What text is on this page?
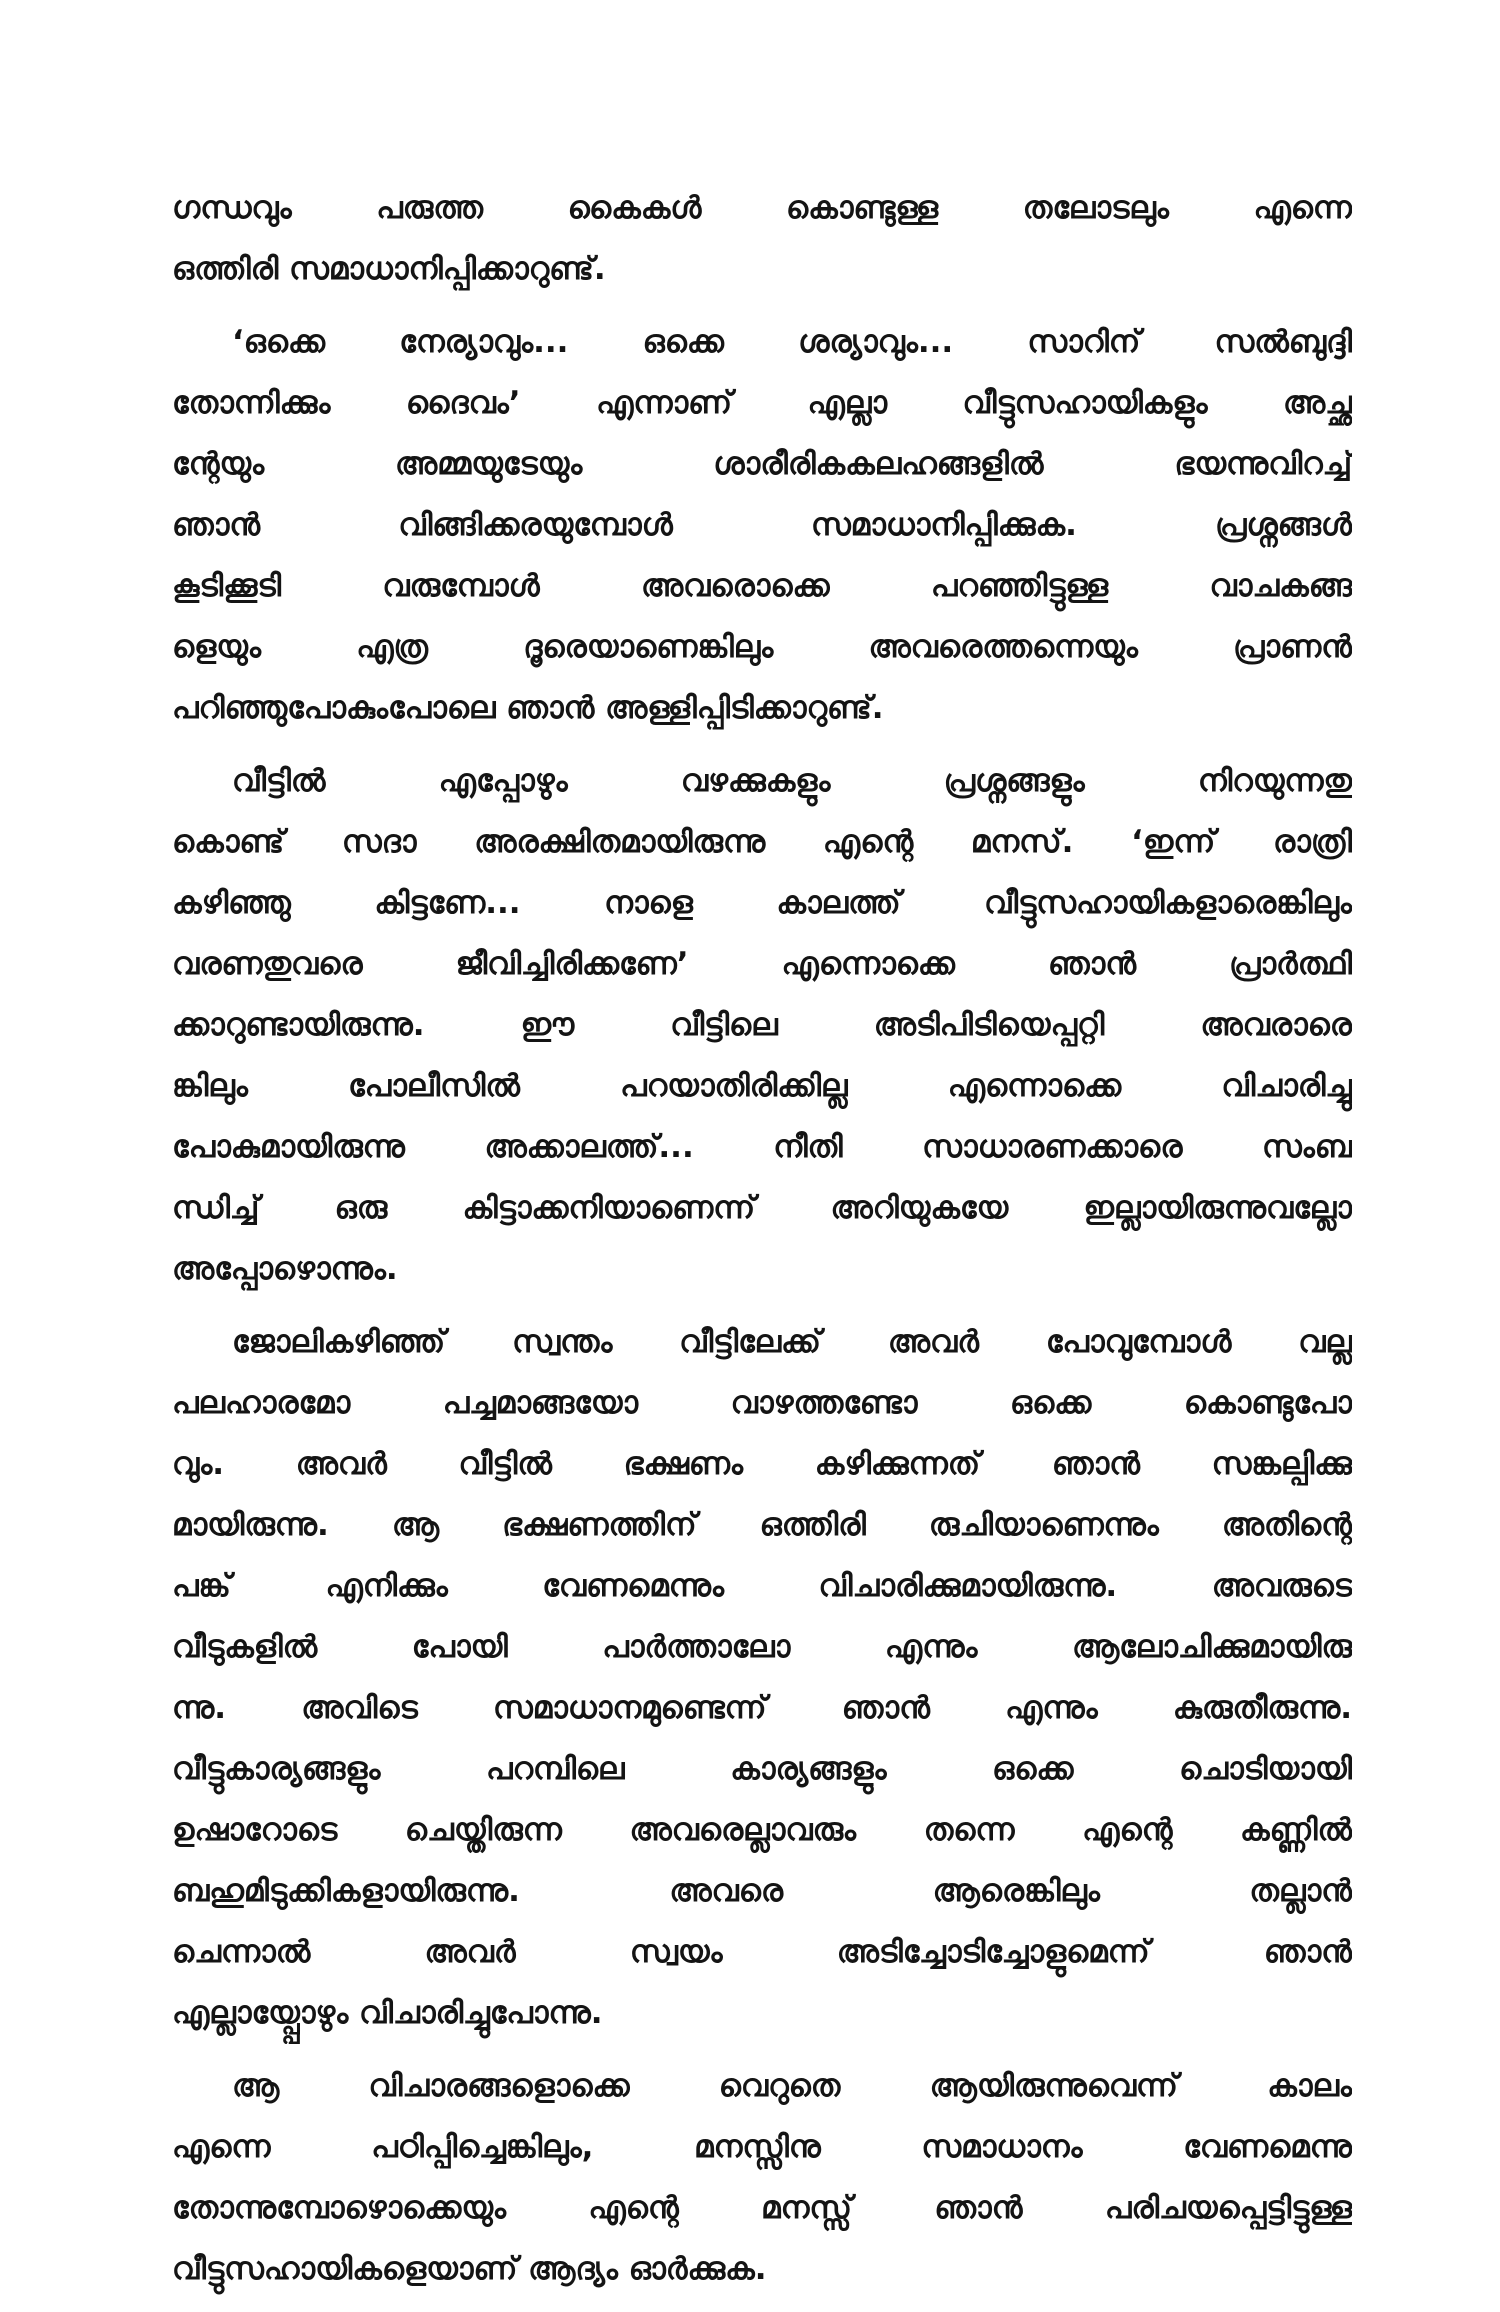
ഗന്ധവും പരുത്ത കൈകൾ കൊണ്ടുള്ള തലോടലും എന്നെ
ഒത്തിരി സമാധാനിപ്പിക്കാറുണ്ട്.
‘ഒക്കെ നേര്യാവും... ഒക്കെ ശര്യാവും... സാറിന് സൽബുദ്ദി
തോന്നിക്കും ദൈവം’ എന്നാണ് എല്ലാ വീട്ടുസഹായികളും അച്ഛ
ന്റേയും അമ്മയുടേയും ശാരീരികകലഹങ്ങളിൽ ഭയന്നുവിറച്ച്
ഞാൻ വിങ്ങിക്കരയുമ്പോൾ സമാധാനിപ്പിക്കുക. പ്രശ്നങ്ങൾ
കൂടിക്കൂടി വരുമ്പോൾ അവരൊക്കെ പറഞ്ഞിട്ടുള്ള വാചകങ്ങ
ളെയും എത്ര ദൂരെയാണെങ്കിലും അവരെത്തന്നെയും പ്രാണൻ
പറിഞ്ഞുപോകുംപോലെ ഞാൻ അള്ളിപ്പിടിക്കാറുണ്ട്.
വീട്ടിൽ എപ്പോഴും വഴക്കുകളും പ്രശ്നങ്ങളും നിറയുന്നതു
കൊണ്ട് സദാ അരക്ഷിതമായിരുന്നു എന്റെ മനസ്. ‘ഇന്ന് രാത്രി
കഴിഞ്ഞു കിട്ടണേ... നാളെ കാലത്ത് വീട്ടുസഹായികളാരെങ്കിലും
വരണതുവരെ ജീവിച്ചിരിക്കണേ’ എന്നൊക്കെ ഞാൻ പ്രാർത്ഥി
ക്കാറുണ്ടായിരുന്നു. ഈ വീട്ടിലെ അടിപിടിയെപ്പറ്റി അവരാരെ
ങ്കിലും പോലീസിൽ പറയാതിരിക്കില്ല എന്നൊക്കെ വിചാരിച്ചു
പോകുമായിരുന്നു അക്കാലത്ത്... നീതി സാധാരണക്കാരെ സംബ
ന്ധിച്ച് ഒരു കിട്ടാക്കനിയാണെന്ന് അറിയുകയേ ഇല്ലായിരുന്നുവല്ലോ
അപ്പോഴൊന്നും.
ജോലികഴിഞ്ഞ് സ്വന്തം വീട്ടിലേക്ക് അവർ പോവുമ്പോൾ വല്ല
പലഹാരമോ പച്ചമാങ്ങയോ വാഴത്തണ്ടോ ഒക്കെ കൊണ്ടുപോ
വും. അവർ വീട്ടിൽ ഭക്ഷണം കഴിക്കുന്നത് ഞാൻ സങ്കല്പിക്കു
മായിരുന്നു. ആ ഭക്ഷണത്തിന് ഒത്തിരി രുചിയാണെന്നും അതിന്റെ
പങ്ക് എനിക്കും വേണമെന്നും വിചാരിക്കുമായിരുന്നു. അവരുടെ
വീടുകളിൽ പോയി പാർത്താലോ എന്നും ആലോചിക്കുമായിരു
ന്നു. അവിടെ സമാധാനമുണ്ടെന്ന് ഞാൻ എന്നും കുരുതീരുന്നു.
വീട്ടുകാര്യങ്ങളും പറമ്പിലെ കാര്യങ്ങളും ഒക്കെ ചൊടിയായി
ഉഷാറോടെ ചെയ്തിരുന്ന അവരെല്ലാവരും തന്നെ എന്റെ കണ്ണിൽ
ബഹുമിടുക്കികളായിരുന്നു. അവരെ ആരെങ്കിലും തല്ലാൻ
ചെന്നാൽ അവർ സ്വയം അടിച്ചോടിച്ചോളുമെന്ന് ഞാൻ
എല്ലായ്പ്പോഴും വിചാരിച്ചുപോന്നു.
ആ വിചാരങ്ങളൊക്കെ വെറുതെ ആയിരുന്നുവെന്ന് കാലം
എന്നെ പഠിപ്പിച്ചെങ്കിലും, മനസ്സിനു സമാധാനം വേണമെന്നു
തോന്നുമ്പോഴൊക്കെയും എന്റെ മനസ്സ് ഞാൻ പരിചയപ്പെട്ടിട്ടുള്ള
വീട്ടുസഹായികളെയാണ് ആദ്യം ഓർക്കുക.
